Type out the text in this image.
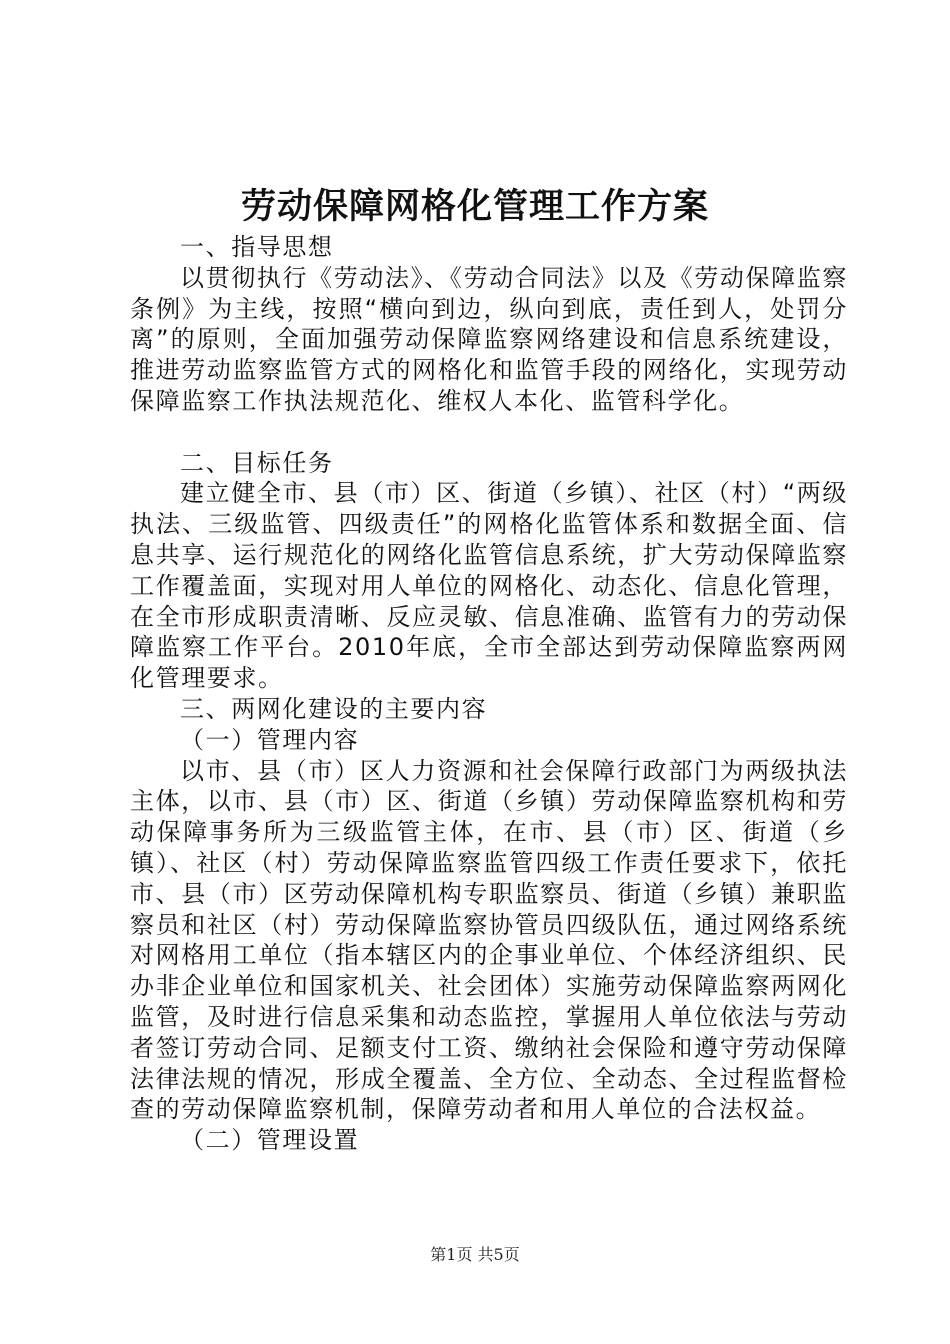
劳动保障网格化管理工作方案

一、指导思想

以贯彻执行《劳动法》、《劳动合同法》以及《劳动保障监察条例》为主线，按照“横向到边，纵向到底，责任到人，处罚分离”的原则，全面加强劳动保障监察网络建设和信息系统建设，推进劳动监察监管方式的网格化和监管手段的网络化，实现劳动保障监察工作执法规范化、维权人本化、监管科学化。

二、目标任务

建立健全市、县（市）区、街道（乡镇）、社区（村）“两级执法、三级监管、四级责任”的网格化监管体系和数据全面、信息共享、运行规范化的网络化监管信息系统，扩大劳动保障监察工作覆盖面，实现对用人单位的网格化、动态化、信息化管理，在全市形成职责清晰、反应灵敏、信息准确、监管有力的劳动保障监察工作平台。2010年底，全市全部达到劳动保障监察两网化管理要求。

三、两网化建设的主要内容

（一）管理内容

以市、县（市）区人力资源和社会保障行政部门为两级执法主体，以市、县（市）区、街道（乡镇）劳动保障监察机构和劳动保障事务所为三级监管主体，在市、县（市）区、街道（乡镇）、社区（村）劳动保障监察监管四级工作责任要求下，依托市、县（市）区劳动保障机构专职监察员、街道（乡镇）兼职监察员和社区（村）劳动保障监察协管员四级队伍，通过网络系统对网格用工单位（指本辖区内的企事业单位、个体经济组织、民办非企业单位和国家机关、社会团体）实施劳动保障监察两网化监管，及时进行信息采集和动态监控，掌握用人单位依法与劳动者签订劳动合同、足额支付工资、缴纳社会保险和遵守劳动保障法律法规的情况，形成全覆盖、全方位、全动态、全过程监督检查的劳动保障监察机制，保障劳动者和用人单位的合法权益。

（二）管理设置

第1页 共5页
